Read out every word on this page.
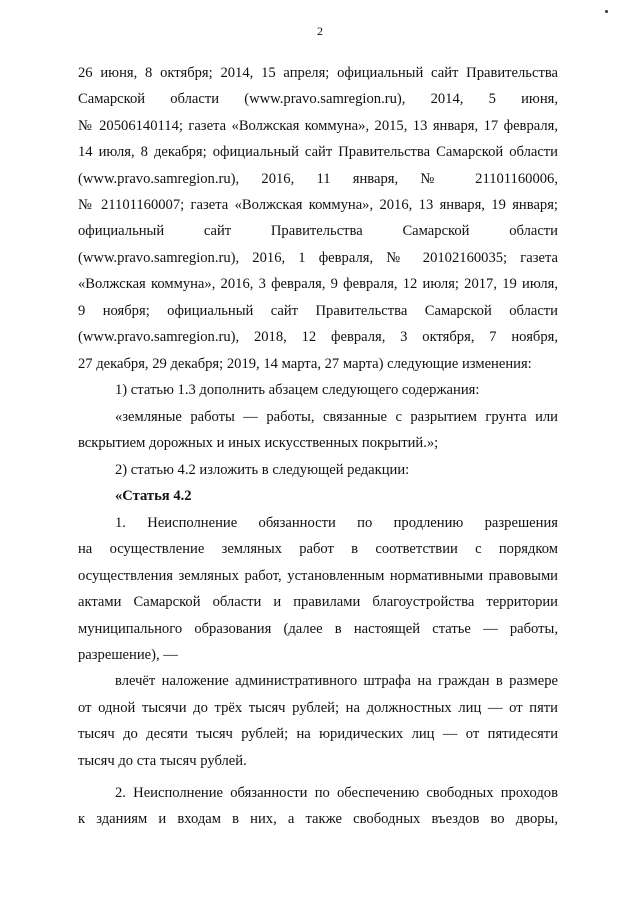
2
26 июня, 8 октября; 2014, 15 апреля; официальный сайт Правительства
Самарской области (www.pravo.samregion.ru), 2014, 5 июня,
№ 20506140114; газета «Волжская коммуна», 2015, 13 января, 17 февраля,
14 июля, 8 декабря; официальный сайт Правительства Самарской области
(www.pravo.samregion.ru), 2016, 11 января, № 21101160006,
№ 21101160007; газета «Волжская коммуна», 2016, 13 января, 19 января;
официальный сайт Правительства Самарской области
(www.pravo.samregion.ru), 2016, 1 февраля, № 20102160035; газета
«Волжская коммуна», 2016, 3 февраля, 9 февраля, 12 июля; 2017, 19 июля,
9 ноября; официальный сайт Правительства Самарской области
(www.pravo.samregion.ru), 2018, 12 февраля, 3 октября, 7 ноября,
27 декабря, 29 декабря; 2019, 14 марта, 27 марта) следующие изменения:
1) статью 1.3 дополнить абзацем следующего содержания:
«земляные работы — работы, связанные с разрытием грунта или
вскрытием дорожных и иных искусственных покрытий.»;
2) статью 4.2 изложить в следующей редакции:
«Статья 4.2
1. Неисполнение обязанности по продлению разрешения
на осуществление земляных работ в соответствии с порядком
осуществления земляных работ, установленным нормативными правовыми
актами Самарской области и правилами благоустройства территории
муниципального образования (далее в настоящей статье — работы,
разрешение), —
влечёт наложение административного штрафа на граждан в размере
от одной тысячи до трёх тысяч рублей; на должностных лиц — от пяти
тысяч до десяти тысяч рублей; на юридических лиц — от пятидесяти
тысяч до ста тысяч рублей.
2. Неисполнение обязанности по обеспечению свободных проходов
к зданиям и входам в них, а также свободных въездов во дворы,
